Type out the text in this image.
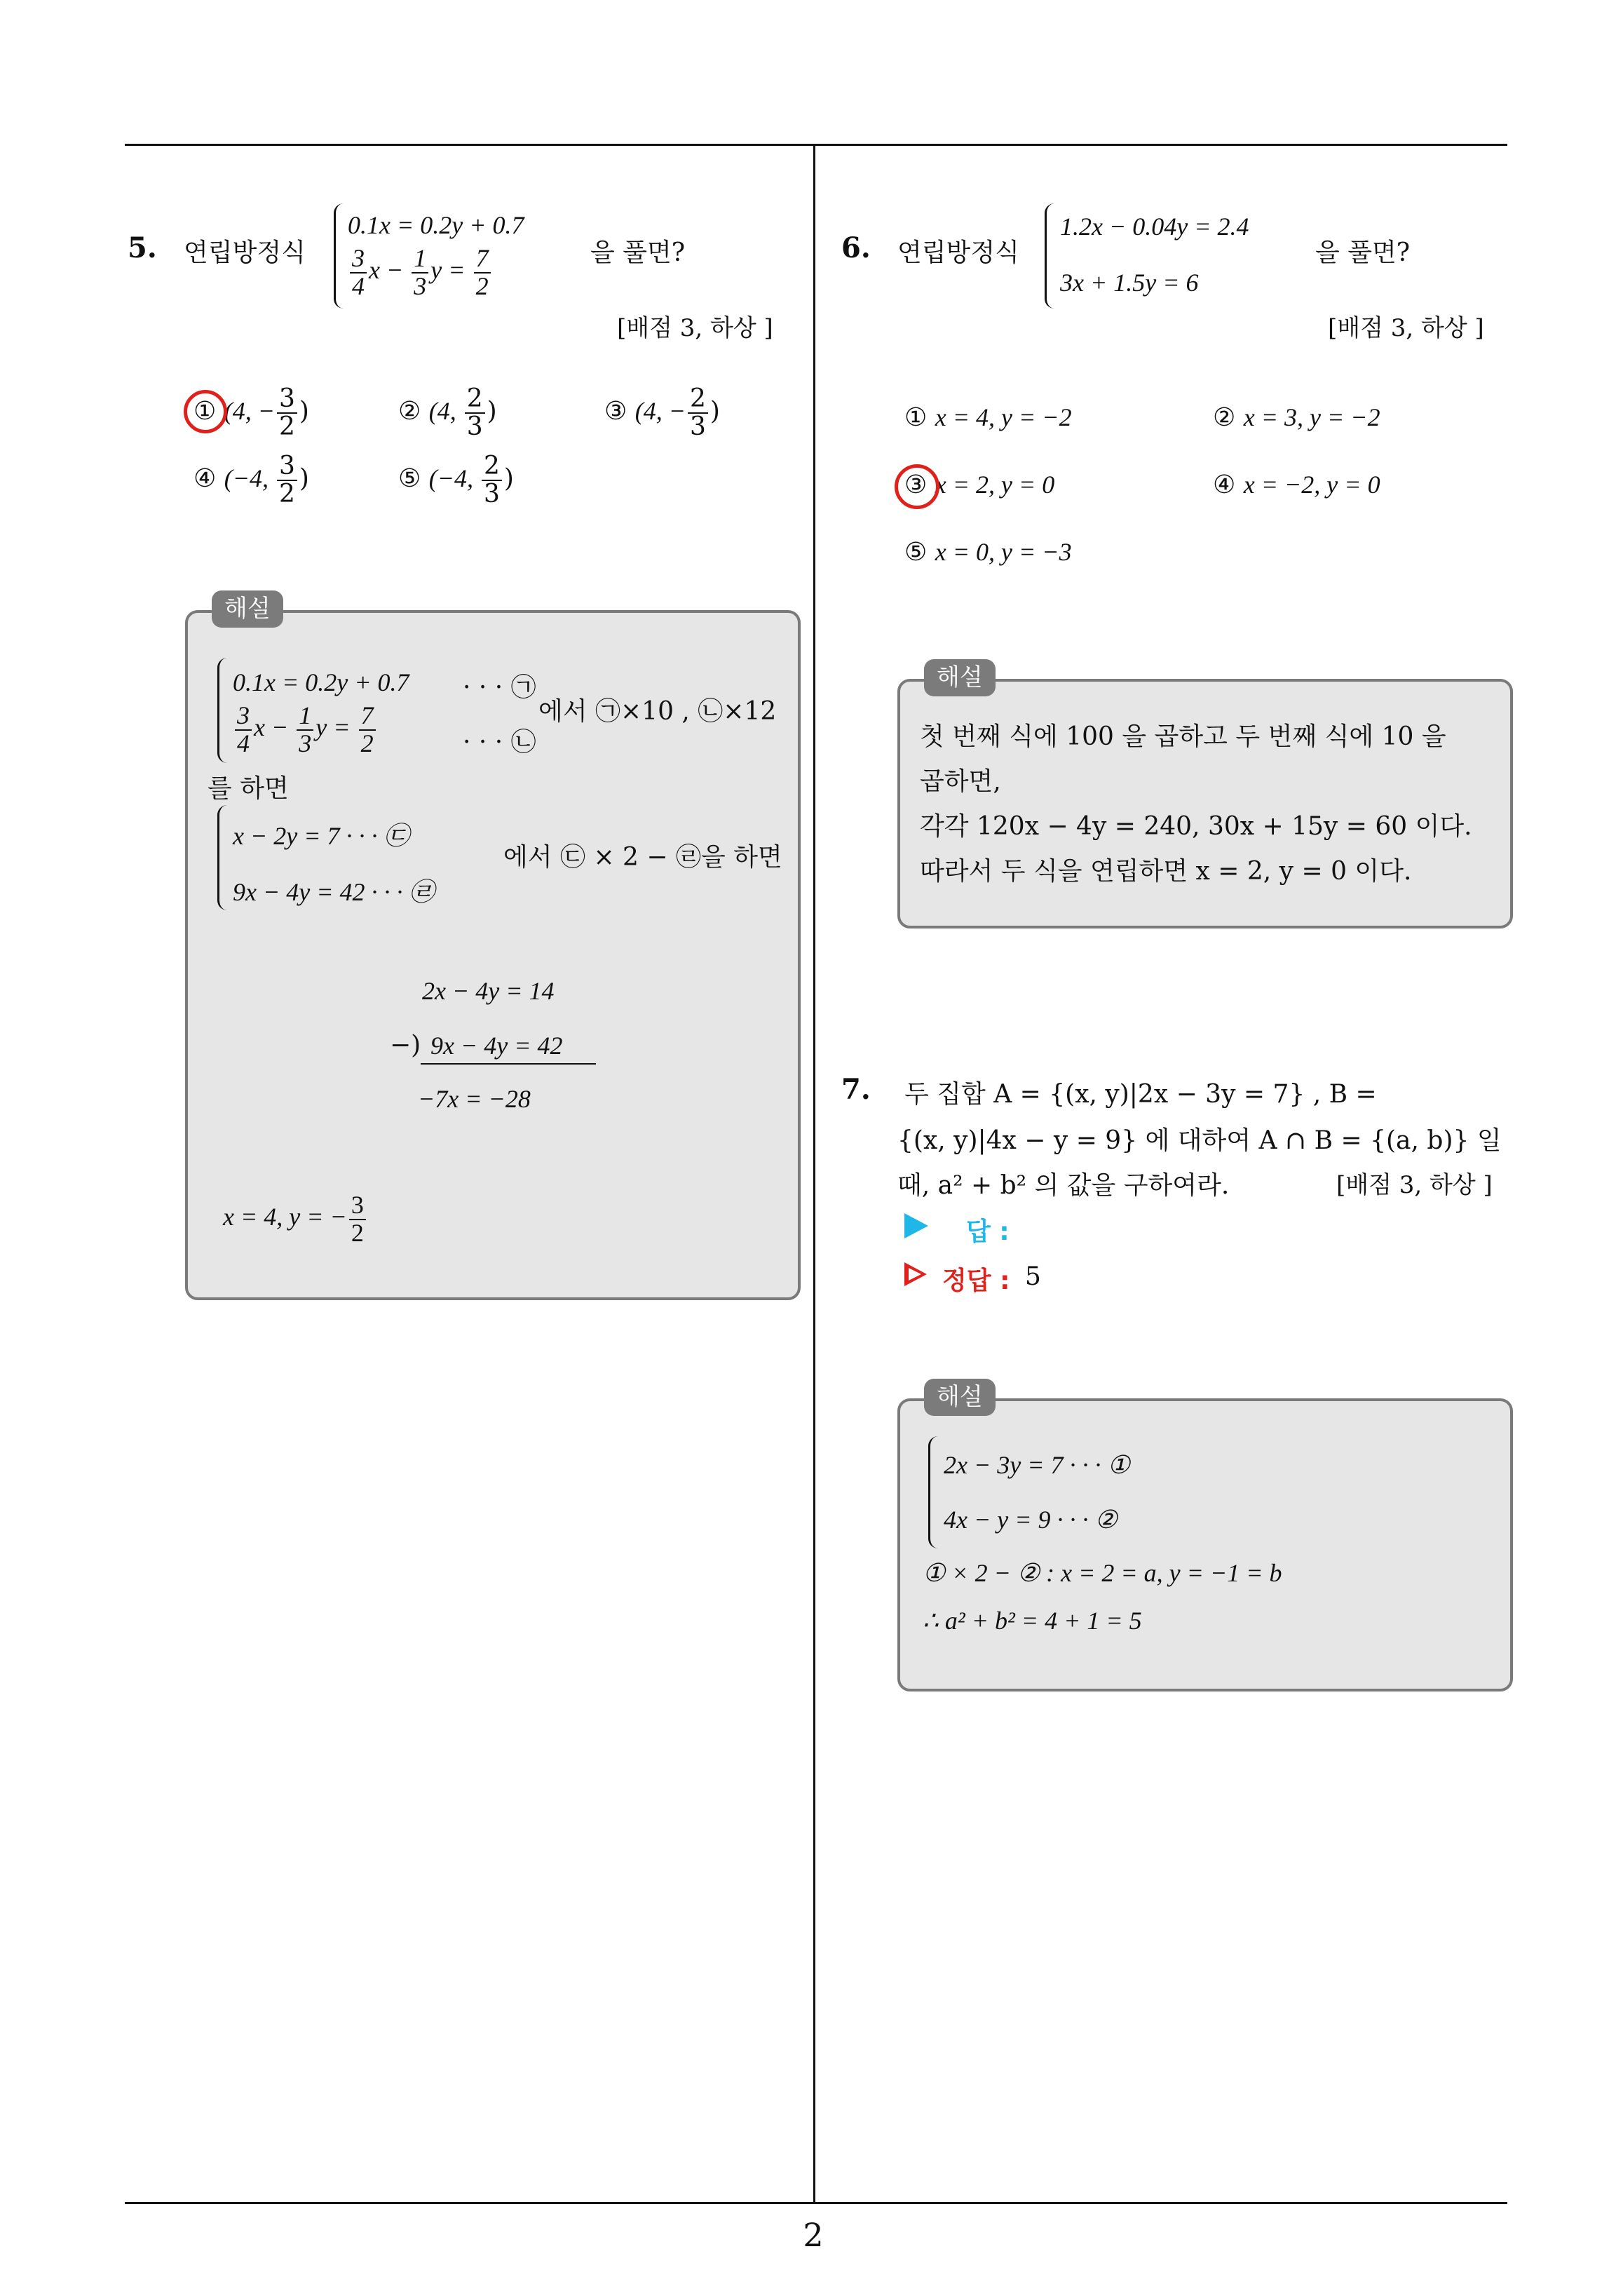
2
5. 연립방정식
0.1x = 0.2y + 0.7
$\frac{3}{4}$ $x - \frac{1}{3}$ $y = \frac{7}{2}$	을 풀면?
[배점 3, 하상 ]
① (4, − $\frac{3}{2}$ )	② (4, $\frac{2}{3}$ )	③ (4, − $\frac{2}{3}$ )
④ (−4, $\frac{3}{2}$ )	⑤ (−4, $\frac{2}{3}$ )
해설
0.1x = 0.2y + 0.7 · · · ㉠
$\frac{3}{4}$ $x - \frac{1}{3}$ $y = \frac{7}{2}$	· · · ㉡
에서 ㉠×10 , ㉡×12
를 하면
x − 2y = 7 · · · ㉢
9x − 4y = 42 · · · ㉣
에서 ㉢ × 2 − ㉣을 하면
2x − 4y = 14
−) 9x − 4y = 42
−7x = −28
x = 4, y = − $\frac{3}{2}$
6. 연립방정식
1.2x − 0.04y = 2.4
3x + 1.5y = 6
을 풀면?
[배점 3, 하상 ]
① x = 4, y = −2	② x = 3, y = −2
③ x = 2, y = 0	④ x = −2, y = 0
⑤ x = 0, y = −3
해설
첫 번째 식에 100 을 곱하고 두 번째 식에 10 을
곱하면,
각각 120x − 4y = 240, 30x + 15y = 60 이다.
따라서 두 식을 연립하면 x = 2, y = 0 이다.
7. 두 집합 A = {(x, y)|2x − 3y = 7} , B =
{(x, y)|4x − y = 9} 에 대하여 A ∩ B = {(a, b)} 일
때, a² + b² 의 값을 구하여라.	[배점 3, 하상 ]
답 :
정답 : 5
해설
2x − 3y = 7 · · · ①
4x − y = 9 · · · ②
① × 2 − ② : x = 2 = a, y = −1 = b
∴ a² + b² = 4 + 1 = 5
